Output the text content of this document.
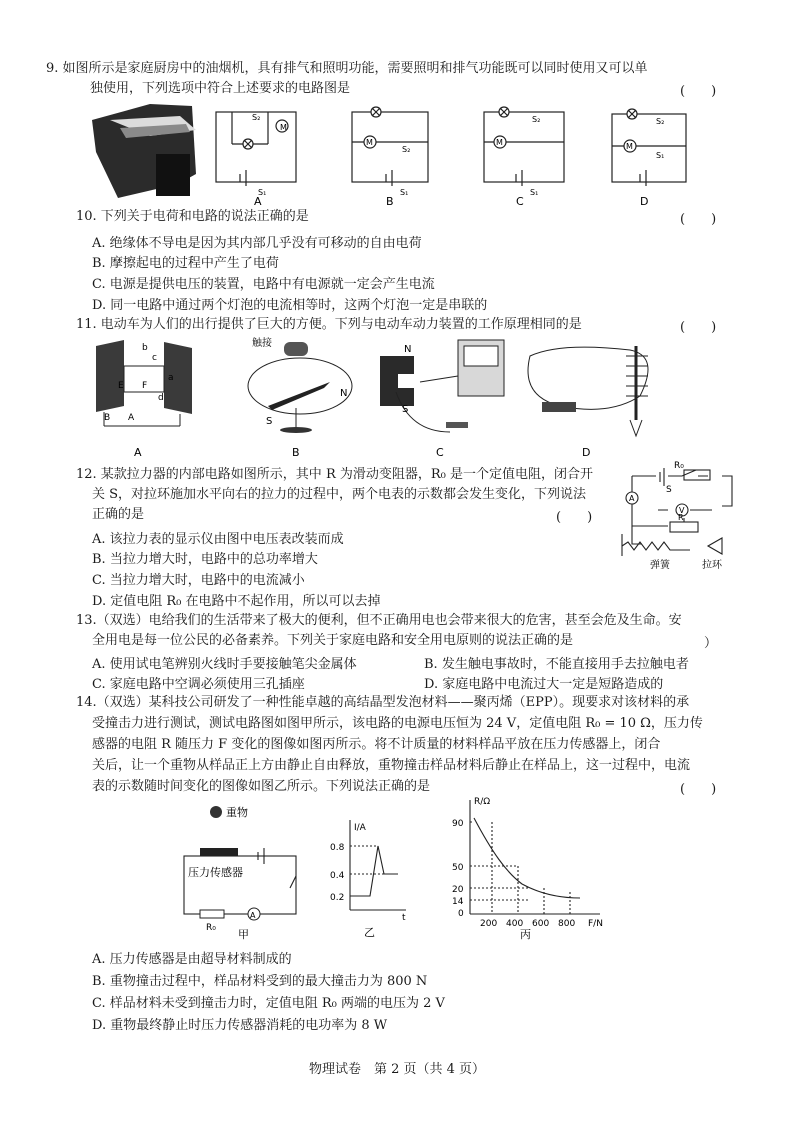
9. 如图所示是家庭厨房中的油烟机，具有排气和照明功能，需要照明和排气功能既可以同时使用又可以单
独使用，下列选项中符合上述要求的电路图是	(　　)
M
S₂
S₁
A
M
S₂
S₁
B
M
S₂
S₁
C
M
S₂
S₁
D
10. 下列关于电荷和电路的说法正确的是	(　　)
A. 绝缘体不导电是因为其内部几乎没有可移动的自由电荷
B. 摩擦起电的过程中产生了电荷
C. 电源是提供电压的装置，电路中有电源就一定会产生电流
D. 同一电路中通过两个灯泡的电流相等时，这两个灯泡一定是串联的
11. 电动车为人们的出行提供了巨大的方便。下列与电动车动力装置的工作原理相同的是	(　　)
b
c
a
d
E F
B A
A
触接
S
N
B
N
S
C	D
12. 某款拉力器的内部电路如图所示，其中 R 为滑动变阻器，R₀ 是一个定值电阻，闭合开
关 S，对拉环施加水平向右的拉力的过程中，两个电表的示数都会发生变化，下列说法
正确的是	(　　)
A. 该拉力表的显示仪由图中电压表改装而成
B. 当拉力增大时，电路中的总功率增大
C. 当拉力增大时，电路中的电流减小
D. 定值电阻 R₀ 在电路中不起作用，所以可以去掉
R₀
S
A
V
R
弹簧	拉环
13.（双选）电给我们的生活带来了极大的便利，但不正确用电也会带来很大的危害，甚至会危及生命。安
全用电是每一位公民的必备素养。下列关于家庭电路和安全用电原则的说法正确的是	）
A. 使用试电笔辨别火线时手要接触笔尖金属体	B. 发生触电事故时，不能直接用手去拉触电者
C. 家庭电路中空调必须使用三孔插座	D. 家庭电路中电流过大一定是短路造成的
14.（双选）某科技公司研发了一种性能卓越的高结晶型发泡材料——聚丙烯（EPP）。现要求对该材料的承
受撞击力进行测试，测试电路图如图甲所示，该电路的电源电压恒为 24 V，定值电阻 R₀ = 10 Ω，压力传
感器的电阻 R 随压力 F 变化的图像如图丙所示。将不计质量的材料样品平放在压力传感器上，闭合
关后，让一个重物从样品正上方由静止自由释放，重物撞击样品材料后静止在样品上，这一过程中，电流
表的示数随时间变化的图像如图乙所示。下列说法正确的是	(　　)
重物
A
压力传感器
R₀ 甲
I/A
t
0.8
0.4
0.2
乙
R/Ω
90
50
20
14
0
200 400 600 800 F/N
丙
A. 压力传感器是由超导材料制成的
B. 重物撞击过程中，样品材料受到的最大撞击力为 800 N
C. 样品材料未受到撞击力时，定值电阻 R₀ 两端的电压为 2 V
D. 重物最终静止时压力传感器消耗的电功率为 8 W
物理试卷　第 2 页（共 4 页）
